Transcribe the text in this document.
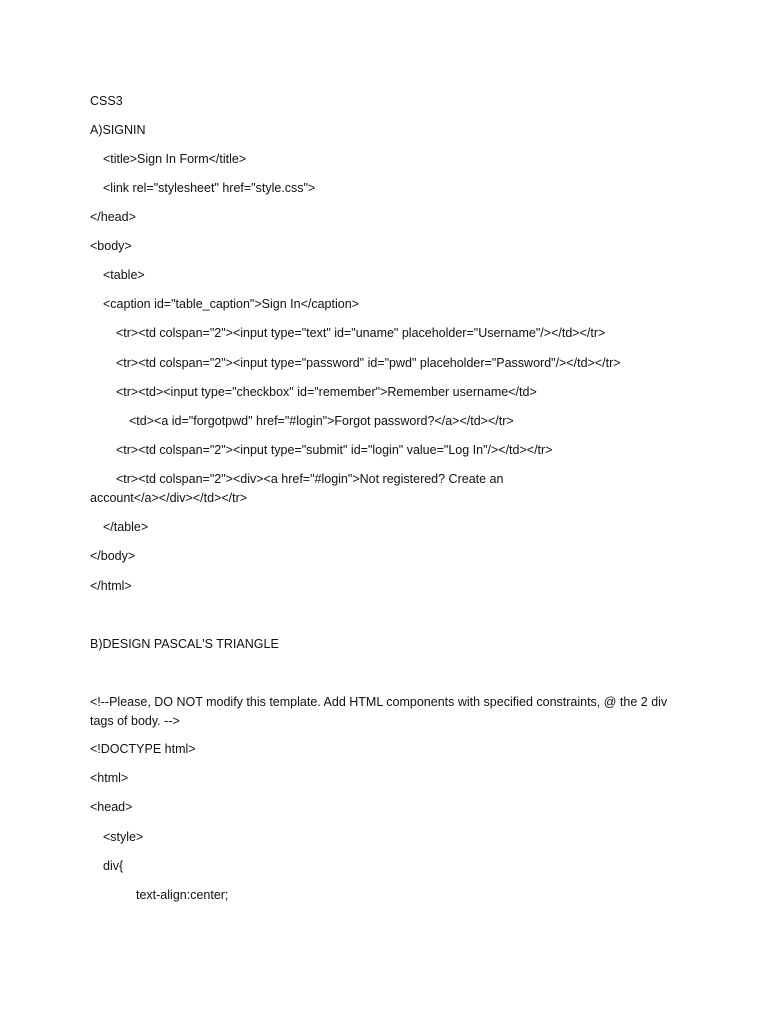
CSS3

A)SIGNIN

<title>Sign In Form</title>

<link rel="stylesheet" href="style.css">

</head>

<body>

<table>

<caption id="table_caption">Sign In</caption>

<tr><td colspan="2"><input type="text" id="uname" placeholder="Username"/></td></tr>

<tr><td colspan="2"><input type="password" id="pwd" placeholder="Password"/></td></tr>

<tr><td><input type="checkbox" id="remember">Remember username</td>

<td><a id="forgotpwd" href="#login">Forgot password?</a></td></tr>

<tr><td colspan="2"><input type="submit" id="login" value="Log In"/></td></tr>

<tr><td colspan="2"><div><a href="#login">Not registered? Create an

account</a></div></td></tr>

</table>

</body>

</html>

B)DESIGN PASCAL'S TRIANGLE

<!--Please, DO NOT modify this template. Add HTML components with specified constraints, @ the 2 div

tags of body. -->

<!DOCTYPE html>

<html>

<head>

<style>

div{

text-align:center;
